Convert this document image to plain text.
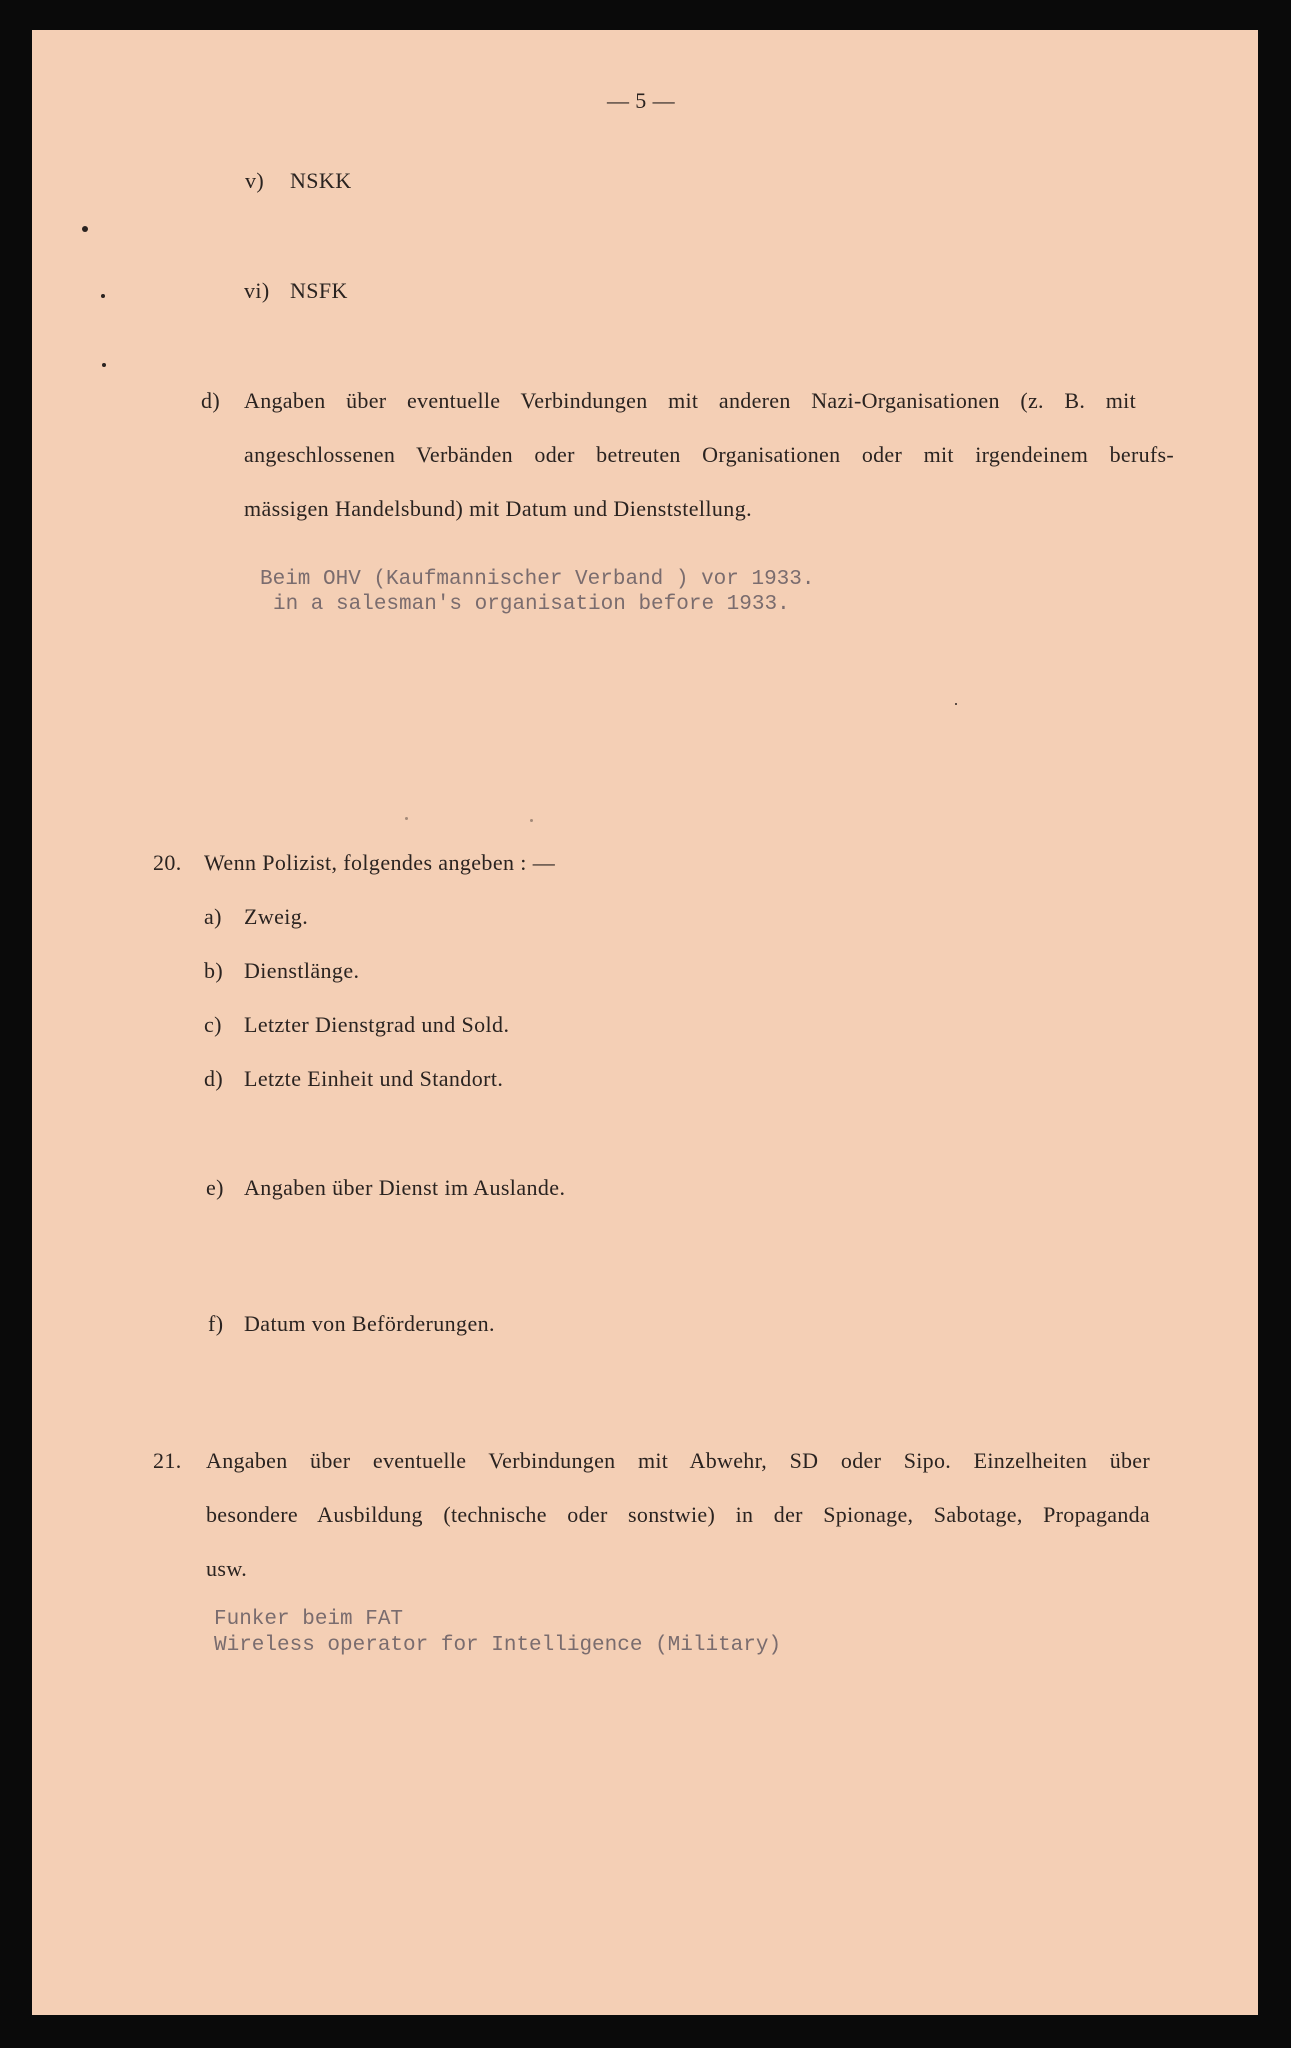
— 5 —
v) NSKK
vi) NSFK
d) Angaben über eventuelle Verbindungen mit anderen Nazi-Organisationen (z. B. mit
angeschlossenen Verbänden oder betreuten Organisationen oder mit irgendeinem berufs-
mässigen Handelsbund) mit Datum und Dienststellung.
Beim OHV (Kaufmannischer Verband ) vor 1933.
in a salesman's organisation before 1933.
20. Wenn Polizist, folgendes angeben : —
a) Zweig.
b) Dienstlänge.
c) Letzter Dienstgrad und Sold.
d) Letzte Einheit und Standort.
e) Angaben über Dienst im Auslande.
f) Datum von Beförderungen.
21. Angaben über eventuelle Verbindungen mit Abwehr, SD oder Sipo. Einzelheiten über
besondere Ausbildung (technische oder sonstwie) in der Spionage, Sabotage, Propaganda
usw.
Funker beim FAT
Wireless operator for Intelligence (Military)
